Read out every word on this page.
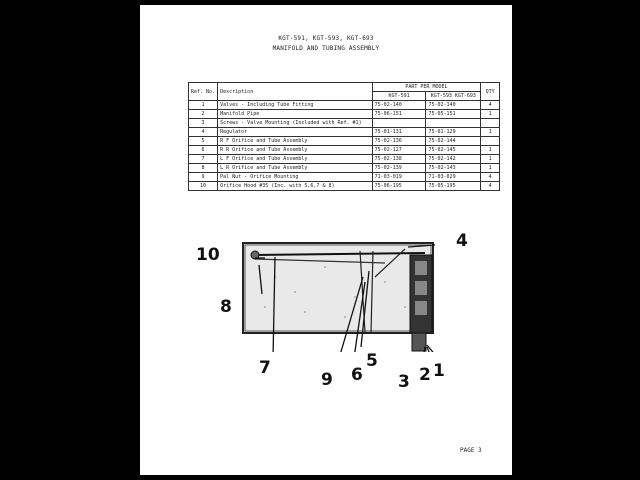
KGT-591, KGT-593, KGT-693
MANIFOLD AND TUBING ASSEMBLY
Ref. No.	Description	PART PER MODEL		QTY
		KGT-591	KGT-593 KGT-693	
1	Valves - Including Tube Fitting	75-02-140	75-02-140	4
2	Manifold Pipe	75-06-151	75-05-151	1
3	Screws - Valve Mounting (Included with Ref. #1)			
4	Regulator	75-01-131	75-01-129	1
5	R F Orifice and Tube Assembly	75-02-136	75-02-144	
6	R R Orifice and Tube Assembly	75-02-127	75-02-145	1
7	L F Orifice and Tube Assembly	75-02-138	75-02-142	1
8	L R Orifice and Tube Assembly	75-02-139	75-02-143	1
9	Pal Nut - Orifice Mounting	71-03-019	71-03-029	4
10	Orifice Hood #35 (Inc. with 5,6,7 & 8)	75-06-195	75-05-195	4
10
8
7
9 6
5
4
3 2 1
PAGE 3
